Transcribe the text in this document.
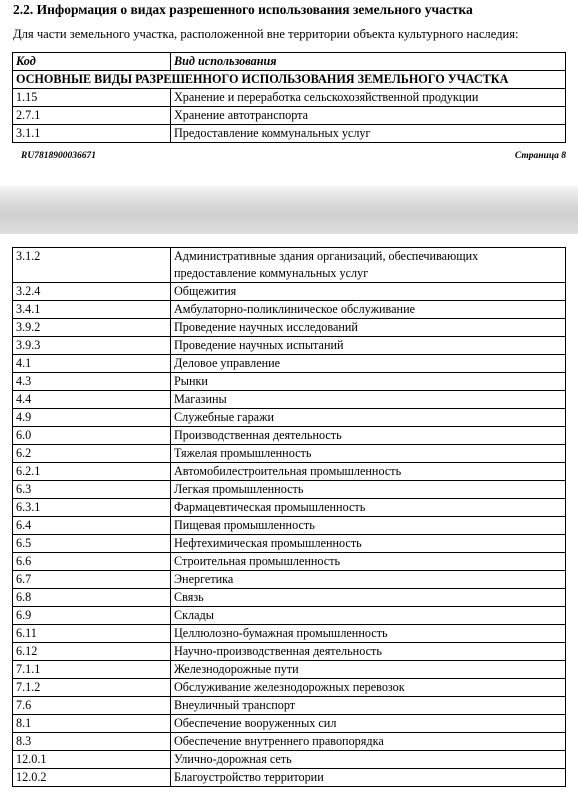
2.2. Информация о видах разрешенного использования земельного участка
Для части земельного участка, расположенной вне территории объекта культурного наследия:
Код	Вид использования
ОСНОВНЫЕ ВИДЫ РАЗРЕШЕННОГО ИСПОЛЬЗОВАНИЯ ЗЕМЕЛЬНОГО УЧАСТКА	
1.15	Хранение и переработка сельскохозяйственной продукции
2.7.1	Хранение автотранспорта
3.1.1	Предоставление коммунальных услуг
RU7818900036671	Страница 8
3.1.2	Административные здания организаций, обеспечивающих предоставление коммунальных услуг
3.2.4	Общежития
3.4.1	Амбулаторно-поликлиническое обслуживание
3.9.2	Проведение научных исследований
3.9.3	Проведение научных испытаний
4.1	Деловое управление
4.3	Рынки
4.4	Магазины
4.9	Служебные гаражи
6.0	Производственная деятельность
6.2	Тяжелая промышленность
6.2.1	Автомобилестроительная промышленность
6.3	Легкая промышленность
6.3.1	Фармацевтическая промышленность
6.4	Пищевая промышленность
6.5	Нефтехимическая промышленность
6.6	Строительная промышленность
6.7	Энергетика
6.8	Связь
6.9	Склады
6.11	Целлюлозно-бумажная промышленность
6.12	Научно-производственная деятельность
7.1.1	Железнодорожные пути
7.1.2	Обслуживание железнодорожных перевозок
7.6	Внеуличный транспорт
8.1	Обеспечение вооруженных сил
8.3	Обеспечение внутреннего правопорядка
12.0.1	Улично-дорожная сеть
12.0.2	Благоустройство территории
